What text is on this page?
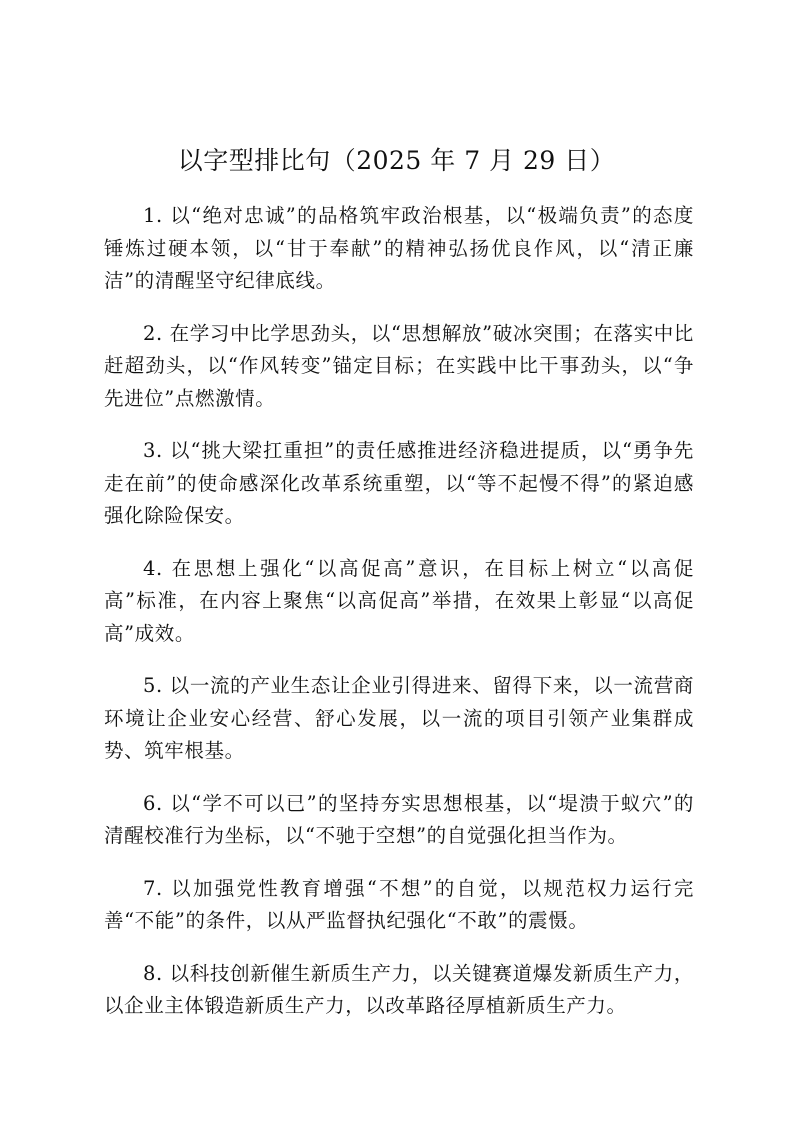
以字型排比句（2025 年 7 月 29 日）

1. 以“绝对忠诚”的品格筑牢政治根基，以“极端负责”的态度锤炼过硬本领，以“甘于奉献”的精神弘扬优良作风，以“清正廉洁”的清醒坚守纪律底线。

2. 在学习中比学思劲头，以“思想解放”破冰突围；在落实中比赶超劲头，以“作风转变”锚定目标；在实践中比干事劲头，以“争先进位”点燃激情。

3. 以“挑大梁扛重担”的责任感推进经济稳进提质，以“勇争先走在前”的使命感深化改革系统重塑，以“等不起慢不得”的紧迫感强化除险保安。

4. 在思想上强化“以高促高”意识，在目标上树立“以高促高”标准，在内容上聚焦“以高促高”举措，在效果上彰显“以高促高”成效。

5. 以一流的产业生态让企业引得进来、留得下来，以一流营商环境让企业安心经营、舒心发展，以一流的项目引领产业集群成势、筑牢根基。

6. 以“学不可以已”的坚持夯实思想根基，以“堤溃于蚁穴”的清醒校准行为坐标，以“不驰于空想”的自觉强化担当作为。

7. 以加强党性教育增强“不想”的自觉，以规范权力运行完善“不能”的条件，以从严监督执纪强化“不敢”的震慑。

8. 以科技创新催生新质生产力，以关键赛道爆发新质生产力，以企业主体锻造新质生产力，以改革路径厚植新质生产力。
